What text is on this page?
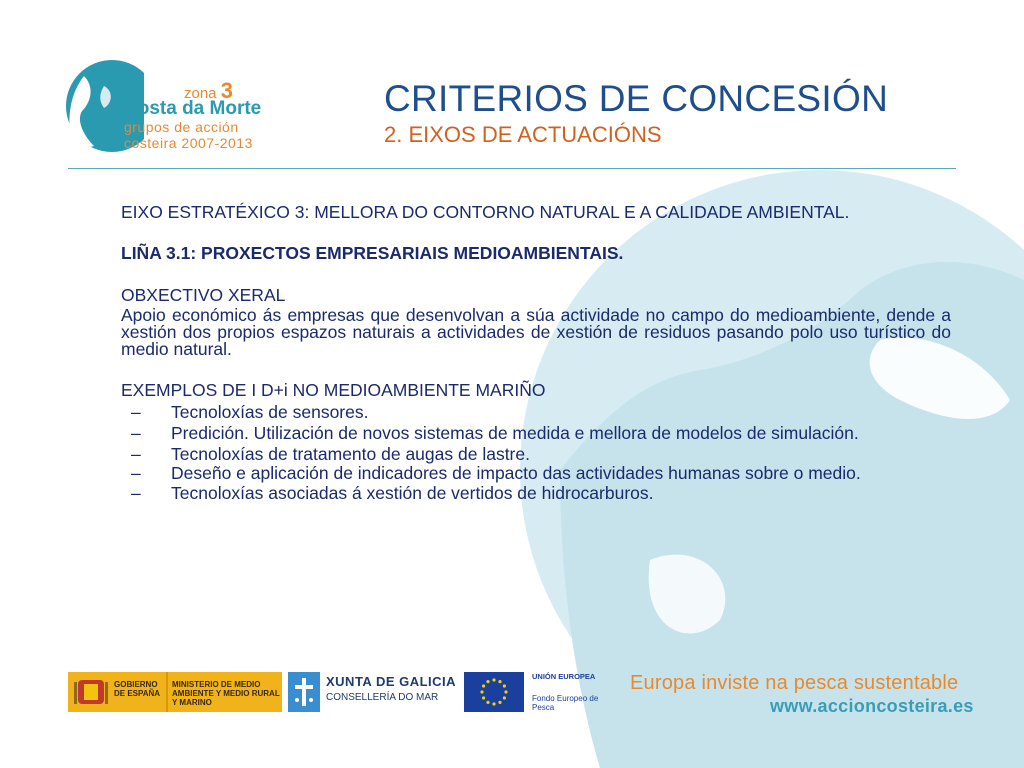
zona 3
Costa da Morte
grupos de acción
costeira 2007-2013
CRITERIOS DE CONCESIÓN
2. EIXOS DE ACTUACIÓNS

EIXO ESTRATÉXICO 3: MELLORA DO CONTORNO NATURAL E A CALIDADE AMBIENTAL.

LIÑA 3.1: PROXECTOS EMPRESARIAIS MEDIOAMBIENTAIS.

OBXECTIVO XERAL

Apoio económico ás empresas que desenvolvan a súa actividade no campo do medioambiente, dende a xestión dos propios espazos naturais a actividades de xestión de residuos pasando polo uso turístico do medio natural.

EXEMPLOS DE I D+i NO MEDIOAMBIENTE MARIÑO

– Tecnoloxías de sensores.
– Predición. Utilización de novos sistemas de medida e mellora de modelos de simulación.
– Tecnoloxías de tratamento de augas de lastre.
– Deseño e aplicación de indicadores de impacto das actividades humanas sobre o medio.
– Tecnoloxías asociadas á xestión de vertidos de hidrocarburos.
GOBIERNO DE ESPAÑA
MINISTERIO DE MEDIO AMBIENTE Y MEDIO RURAL Y MARINO
XUNTA DE GALICIA
CONSELLERÍA DO MAR
UNIÓN EUROPEA
Fondo Europeo de Pesca
Europa inviste na pesca sustentable
www.accioncosteira.es
